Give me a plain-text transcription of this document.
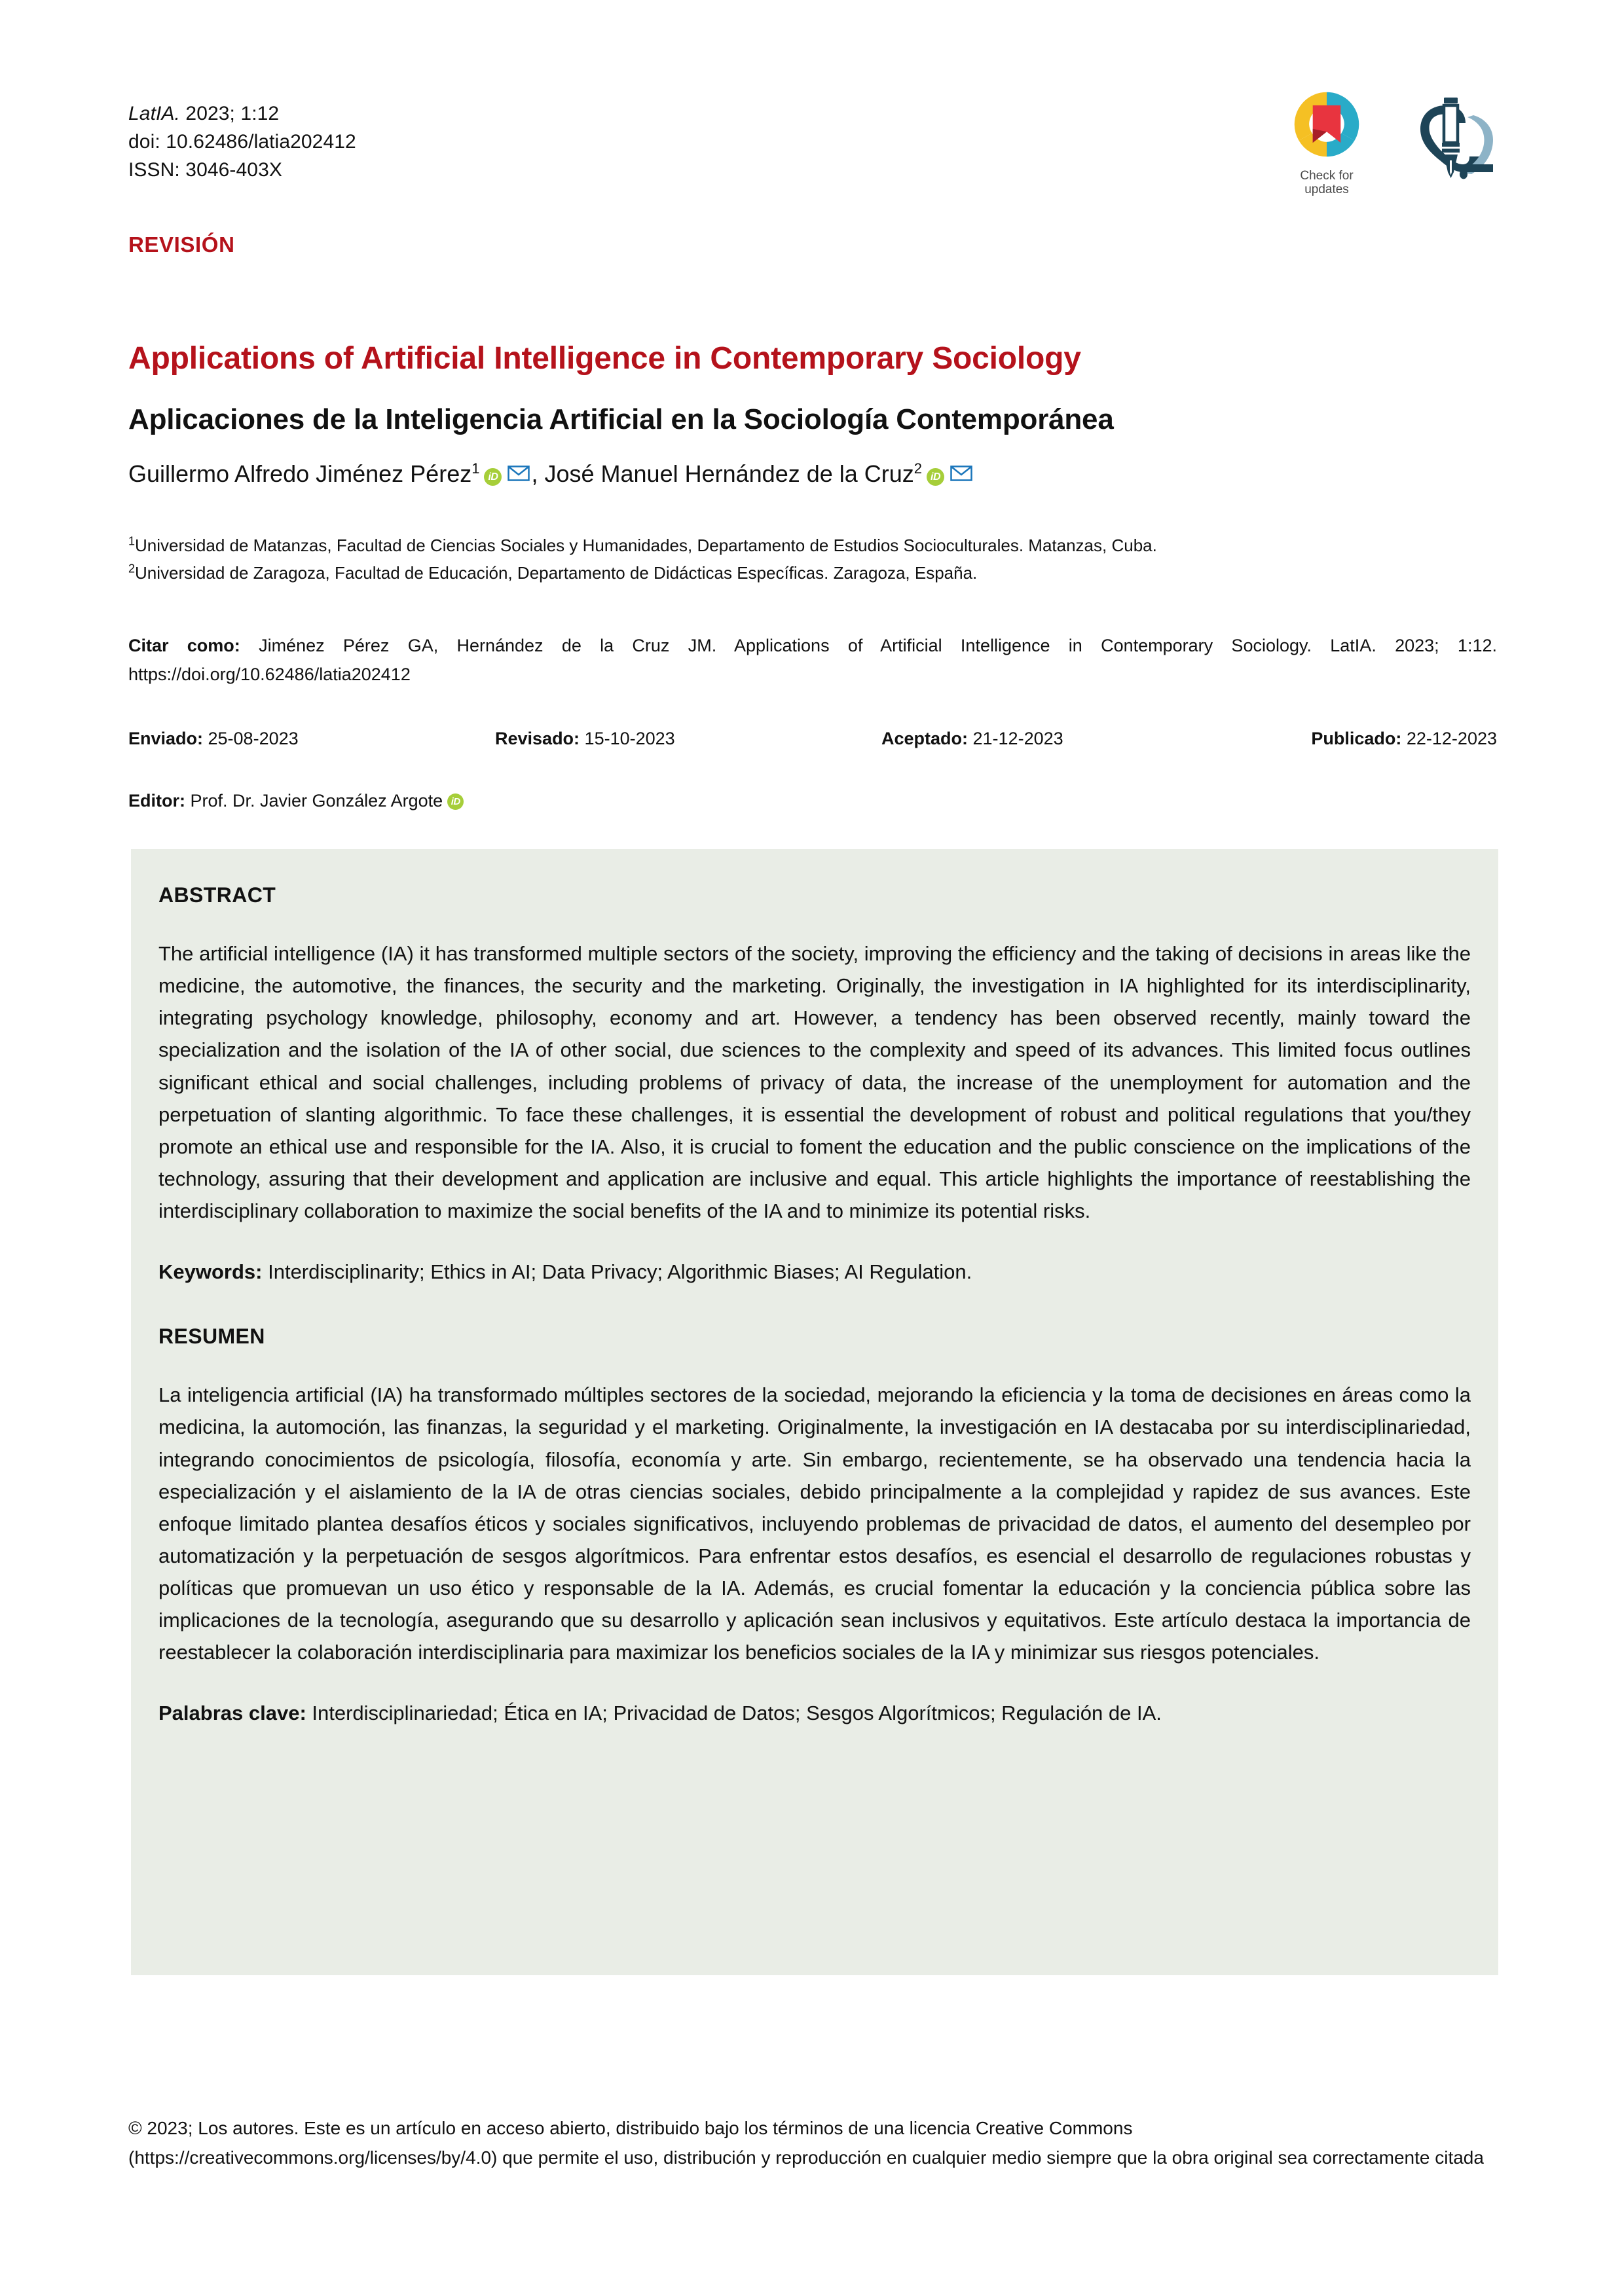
LatIA. 2023; 1:12
doi: 10.62486/latia202412
ISSN: 3046-403X	Check for
updates
REVISIÓN
Applications of Artificial Intelligence in Contemporary Sociology
Aplicaciones de la Inteligencia Artificial en la Sociología Contemporánea
Guillermo Alfredo Jiménez Pérez$^1$iD , José Manuel Hernández de la Cruz$^2$iD
$^1$Universidad de Matanzas, Facultad de Ciencias Sociales y Humanidades, Departamento de Estudios Socioculturales. Matanzas, Cuba.
$^2$Universidad de Zaragoza, Facultad de Educación, Departamento de Didácticas Específicas. Zaragoza, España.
Citar como: Jiménez Pérez GA, Hernández de la Cruz JM. Applications of Artificial Intelligence in Contemporary Sociology. LatIA. 2023; 1:12. https://doi.org/10.62486/latia202412
Enviado: 25-08-2023	Revisado: 15-10-2023	Aceptado: 21-12-2023	Publicado: 22-12-2023
Editor: Prof. Dr. Javier González Argote iD
ABSTRACT

The artificial intelligence (IA) it has transformed multiple sectors of the society, improving the efficiency and the taking of decisions in areas like the medicine, the automotive, the finances, the security and the marketing. Originally, the investigation in IA highlighted for its interdisciplinarity, integrating psychology knowledge, philosophy, economy and art. However, a tendency has been observed recently, mainly toward the specialization and the isolation of the IA of other social, due sciences to the complexity and speed of its advances. This limited focus outlines significant ethical and social challenges, including problems of privacy of data, the increase of the unemployment for automation and the perpetuation of slanting algorithmic. To face these challenges, it is essential the development of robust and political regulations that you/they promote an ethical use and responsible for the IA. Also, it is crucial to foment the education and the public conscience on the implications of the technology, assuring that their development and application are inclusive and equal. This article highlights the importance of reestablishing the interdisciplinary collaboration to maximize the social benefits of the IA and to minimize its potential risks.

Keywords: Interdisciplinarity; Ethics in AI; Data Privacy; Algorithmic Biases; AI Regulation.

RESUMEN

La inteligencia artificial (IA) ha transformado múltiples sectores de la sociedad, mejorando la eficiencia y la toma de decisiones en áreas como la medicina, la automoción, las finanzas, la seguridad y el marketing. Originalmente, la investigación en IA destacaba por su interdisciplinariedad, integrando conocimientos de psicología, filosofía, economía y arte. Sin embargo, recientemente, se ha observado una tendencia hacia la especialización y el aislamiento de la IA de otras ciencias sociales, debido principalmente a la complejidad y rapidez de sus avances. Este enfoque limitado plantea desafíos éticos y sociales significativos, incluyendo problemas de privacidad de datos, el aumento del desempleo por automatización y la perpetuación de sesgos algorítmicos. Para enfrentar estos desafíos, es esencial el desarrollo de regulaciones robustas y políticas que promuevan un uso ético y responsable de la IA. Además, es crucial fomentar la educación y la conciencia pública sobre las implicaciones de la tecnología, asegurando que su desarrollo y aplicación sean inclusivos y equitativos. Este artículo destaca la importancia de reestablecer la colaboración interdisciplinaria para maximizar los beneficios sociales de la IA y minimizar sus riesgos potenciales.

Palabras clave: Interdisciplinariedad; Ética en IA; Privacidad de Datos; Sesgos Algorítmicos; Regulación de IA.

© 2023; Los autores. Este es un artículo en acceso abierto, distribuido bajo los términos de una licencia Creative Commons (https://creativecommons.org/licenses/by/4.0) que permite el uso, distribución y reproducción en cualquier medio siempre que la obra original sea correctamente citada
